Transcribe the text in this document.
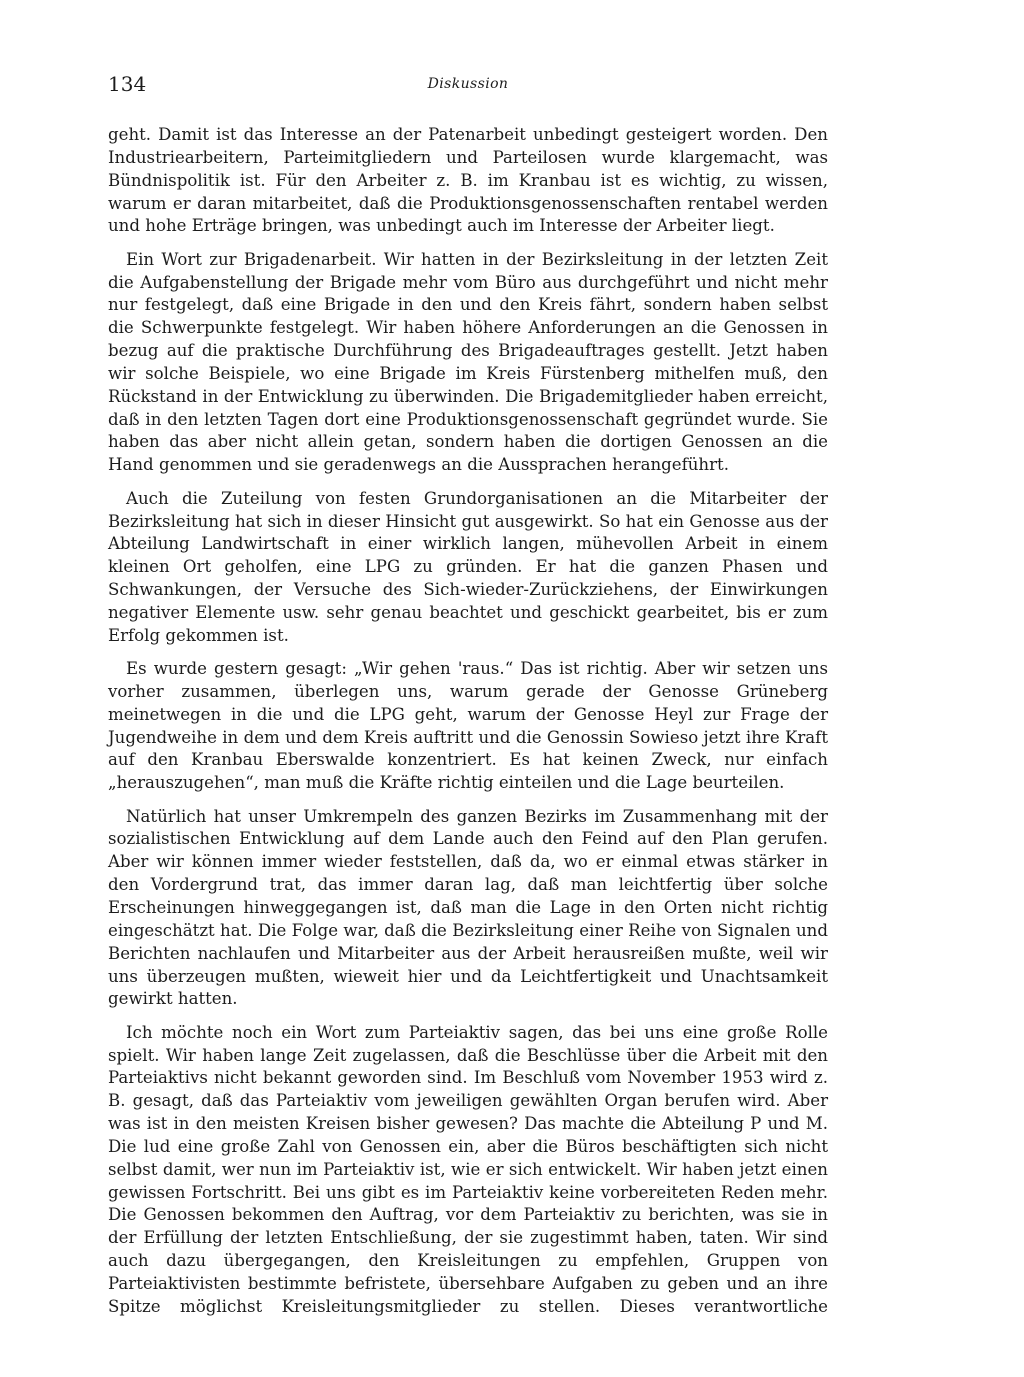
134	Diskussion

geht. Damit ist das Interesse an der Patenarbeit unbedingt gesteigert worden. Den Industriearbeitern, Parteimitgliedern und Parteilosen wurde klargemacht, was Bündnispolitik ist. Für den Arbeiter z. B. im Kranbau ist es wichtig, zu wissen, warum er daran mitarbeitet, daß die Produktionsgenossenschaften rentabel werden und hohe Erträge bringen, was unbedingt auch im Interesse der Arbeiter liegt.

Ein Wort zur Brigadenarbeit. Wir hatten in der Bezirksleitung in der letzten Zeit die Aufgabenstellung der Brigade mehr vom Büro aus durchgeführt und nicht mehr nur festgelegt, daß eine Brigade in den und den Kreis fährt, sondern haben selbst die Schwerpunkte festgelegt. Wir haben höhere Anforderungen an die Genossen in bezug auf die praktische Durchführung des Brigadeauftrages gestellt. Jetzt haben wir solche Beispiele, wo eine Brigade im Kreis Fürstenberg mithelfen muß, den Rückstand in der Entwicklung zu überwinden. Die Brigademitglieder haben erreicht, daß in den letzten Tagen dort eine Produktionsgenossenschaft gegründet wurde. Sie haben das aber nicht allein getan, sondern haben die dortigen Genossen an die Hand genommen und sie geradenwegs an die Aussprachen herangeführt.

Auch die Zuteilung von festen Grundorganisationen an die Mitarbeiter der Bezirksleitung hat sich in dieser Hinsicht gut ausgewirkt. So hat ein Genosse aus der Abteilung Landwirtschaft in einer wirklich langen, mühevollen Arbeit in einem kleinen Ort geholfen, eine LPG zu gründen. Er hat die ganzen Phasen und Schwankungen, der Versuche des Sich-wieder-Zurückziehens, der Einwirkungen negativer Elemente usw. sehr genau beachtet und geschickt gearbeitet, bis er zum Erfolg gekommen ist.

Es wurde gestern gesagt: „Wir gehen 'raus.“ Das ist richtig. Aber wir setzen uns vorher zusammen, überlegen uns, warum gerade der Genosse Grüneberg meinetwegen in die und die LPG geht, warum der Genosse Heyl zur Frage der Jugendweihe in dem und dem Kreis auftritt und die Genossin Sowieso jetzt ihre Kraft auf den Kranbau Eberswalde konzentriert. Es hat keinen Zweck, nur einfach „herauszugehen“, man muß die Kräfte richtig einteilen und die Lage beurteilen.

Natürlich hat unser Umkrempeln des ganzen Bezirks im Zusammenhang mit der sozialistischen Entwicklung auf dem Lande auch den Feind auf den Plan gerufen. Aber wir können immer wieder feststellen, daß da, wo er einmal etwas stärker in den Vordergrund trat, das immer daran lag, daß man leichtfertig über solche Erscheinungen hinweggegangen ist, daß man die Lage in den Orten nicht richtig eingeschätzt hat. Die Folge war, daß die Bezirksleitung einer Reihe von Signalen und Berichten nachlaufen und Mitarbeiter aus der Arbeit herausreißen mußte, weil wir uns überzeugen mußten, wieweit hier und da Leichtfertigkeit und Unachtsamkeit gewirkt hatten.

Ich möchte noch ein Wort zum Parteiaktiv sagen, das bei uns eine große Rolle spielt. Wir haben lange Zeit zugelassen, daß die Beschlüsse über die Arbeit mit den Parteiaktivs nicht bekannt geworden sind. Im Beschluß vom November 1953 wird z. B. gesagt, daß das Parteiaktiv vom jeweiligen gewählten Organ berufen wird. Aber was ist in den meisten Kreisen bisher gewesen? Das machte die Abteilung P und M. Die lud eine große Zahl von Genossen ein, aber die Büros beschäftigten sich nicht selbst damit, wer nun im Parteiaktiv ist, wie er sich entwickelt. Wir haben jetzt einen gewissen Fortschritt. Bei uns gibt es im Parteiaktiv keine vorbereiteten Reden mehr. Die Genossen bekommen den Auftrag, vor dem Parteiaktiv zu berichten, was sie in der Erfüllung der letzten Entschließung, der sie zugestimmt haben, taten. Wir sind auch dazu übergegangen, den Kreisleitungen zu empfehlen, Gruppen von Parteiaktivisten bestimmte befristete, übersehbare Aufgaben zu geben und an ihre Spitze möglichst Kreisleitungsmitglieder zu stellen. Dieses verantwortliche
